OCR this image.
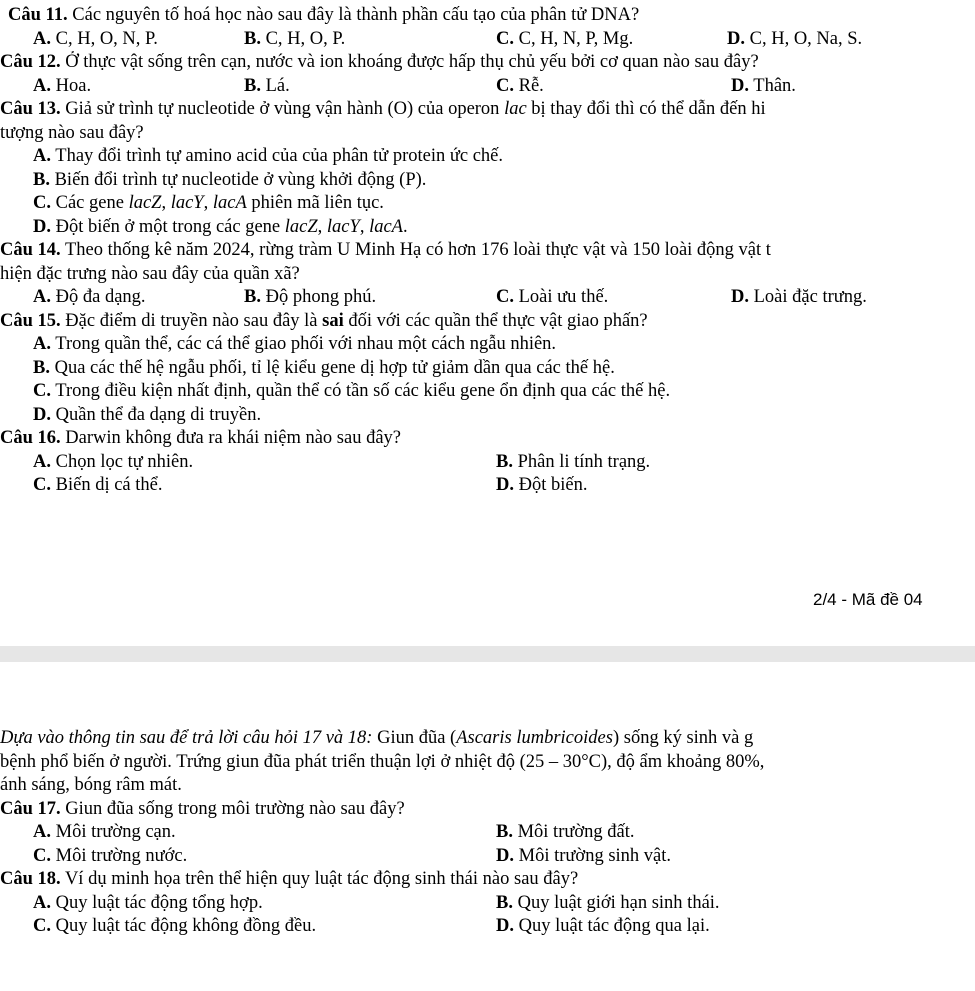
Câu 11. Các nguyên tố hoá học nào sau đây là thành phần cấu tạo của phân tử DNA?
A. C, H, O, N, P.	B. C, H, O, P.	C. C, H, N, P, Mg.	D. C, H, O, Na, S.
Câu 12. Ở thực vật sống trên cạn, nước và ion khoáng được hấp thụ chủ yếu bởi cơ quan nào sau đây?
A. Hoa.	B. Lá.	C. Rễ.	D. Thân.
Câu 13. Giả sử trình tự nucleotide ở vùng vận hành (O) của operon lac bị thay đổi thì có thể dẫn đến hi
tượng nào sau đây?
A. Thay đổi trình tự amino acid của của phân tử protein ức chế.
B. Biến đổi trình tự nucleotide ở vùng khởi động (P).
C. Các gene lacZ, lacY, lacA phiên mã liên tục.
D. Đột biến ở một trong các gene lacZ, lacY, lacA.
Câu 14. Theo thống kê năm 2024, rừng tràm U Minh Hạ có hơn 176 loài thực vật và 150 loài động vật t
hiện đặc trưng nào sau đây của quần xã?
A. Độ đa dạng.	B. Độ phong phú.	C. Loài ưu thế.	D. Loài đặc trưng.
Câu 15. Đặc điểm di truyền nào sau đây là sai đối với các quần thể thực vật giao phấn?
A. Trong quần thể, các cá thể giao phối với nhau một cách ngẫu nhiên.
B. Qua các thế hệ ngẫu phối, tỉ lệ kiểu gene dị hợp tử giảm dần qua các thế hệ.
C. Trong điều kiện nhất định, quần thể có tần số các kiểu gene ổn định qua các thế hệ.
D. Quần thể đa dạng di truyền.
Câu 16. Darwin không đưa ra khái niệm nào sau đây?
A. Chọn lọc tự nhiên.	B. Phân li tính trạng.
C. Biến dị cá thể.	D. Đột biến.
2/4 - Mã đề 04
Dựa vào thông tin sau để trả lời câu hỏi 17 và 18: Giun đũa (Ascaris lumbricoides) sống ký sinh và g
bệnh phổ biến ở người. Trứng giun đũa phát triển thuận lợi ở nhiệt độ (25 – 30°C), độ ẩm khoảng 80%,
ánh sáng, bóng râm mát.
Câu 17. Giun đũa sống trong môi trường nào sau đây?
A. Môi trường cạn.	B. Môi trường đất.
C. Môi trường nước.	D. Môi trường sinh vật.
Câu 18. Ví dụ minh họa trên thể hiện quy luật tác động sinh thái nào sau đây?
A. Quy luật tác động tổng hợp.	B. Quy luật giới hạn sinh thái.
C. Quy luật tác động không đồng đều.	D. Quy luật tác động qua lại.
